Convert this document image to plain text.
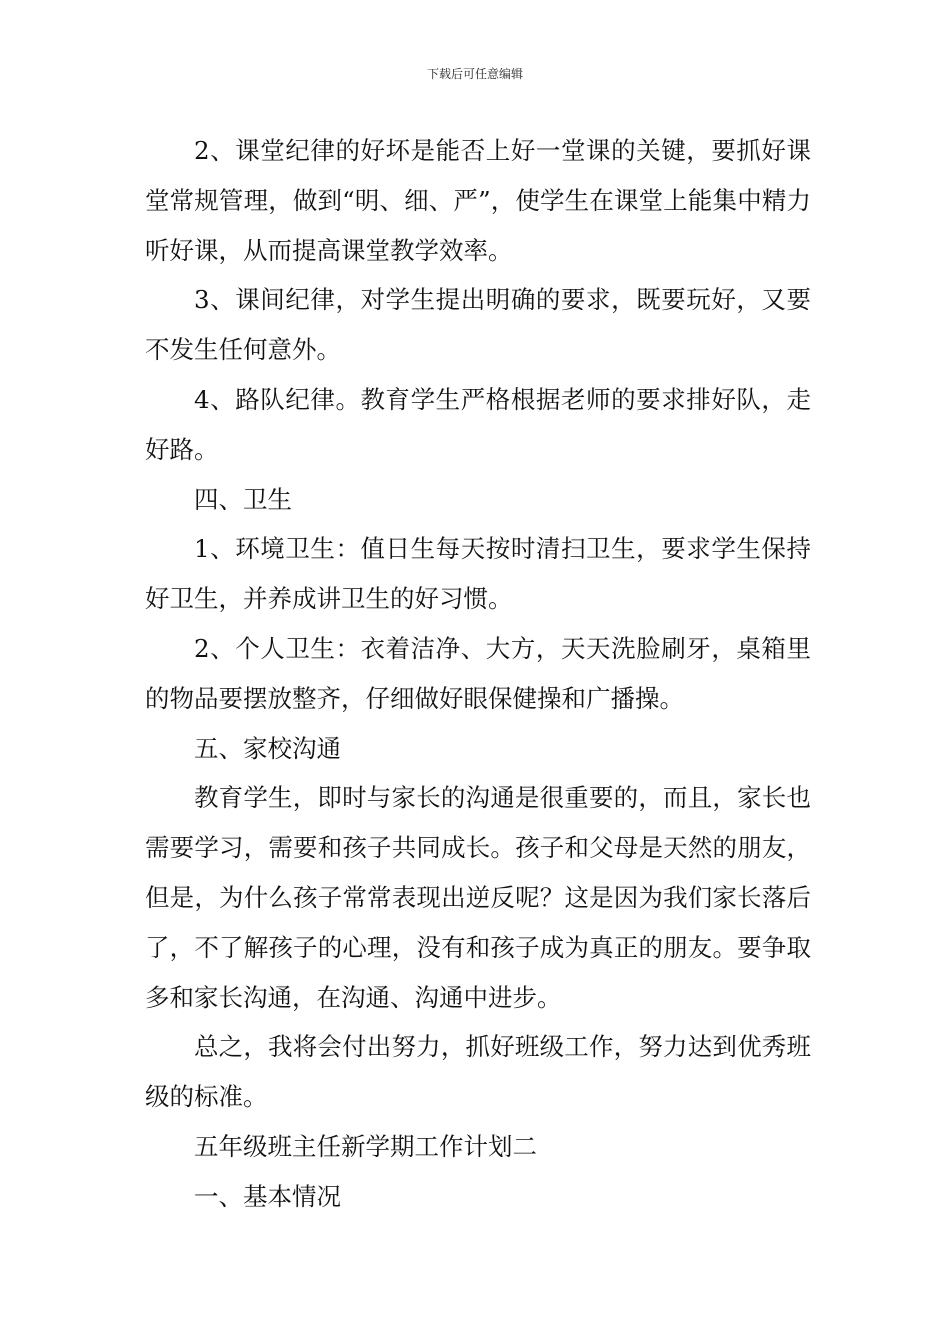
下载后可任意编辑

2、课堂纪律的好坏是能否上好一堂课的关键，要抓好课堂常规管理，做到“明、细、严”，使学生在课堂上能集中精力听好课，从而提高课堂教学效率。

3、课间纪律，对学生提出明确的要求，既要玩好，又要不发生任何意外。

4、路队纪律。教育学生严格根据老师的要求排好队，走好路。

四、卫生

1、环境卫生：值日生每天按时清扫卫生，要求学生保持好卫生，并养成讲卫生的好习惯。

2、个人卫生：衣着洁净、大方，天天洗脸刷牙，桌箱里的物品要摆放整齐，仔细做好眼保健操和广播操。

五、家校沟通

教育学生，即时与家长的沟通是很重要的，而且，家长也需要学习，需要和孩子共同成长。孩子和父母是天然的朋友，但是，为什么孩子常常表现出逆反呢？这是因为我们家长落后了，不了解孩子的心理，没有和孩子成为真正的朋友。要争取多和家长沟通，在沟通、沟通中进步。

总之，我将会付出努力，抓好班级工作，努力达到优秀班级的标准。

五年级班主任新学期工作计划二

一、基本情况
